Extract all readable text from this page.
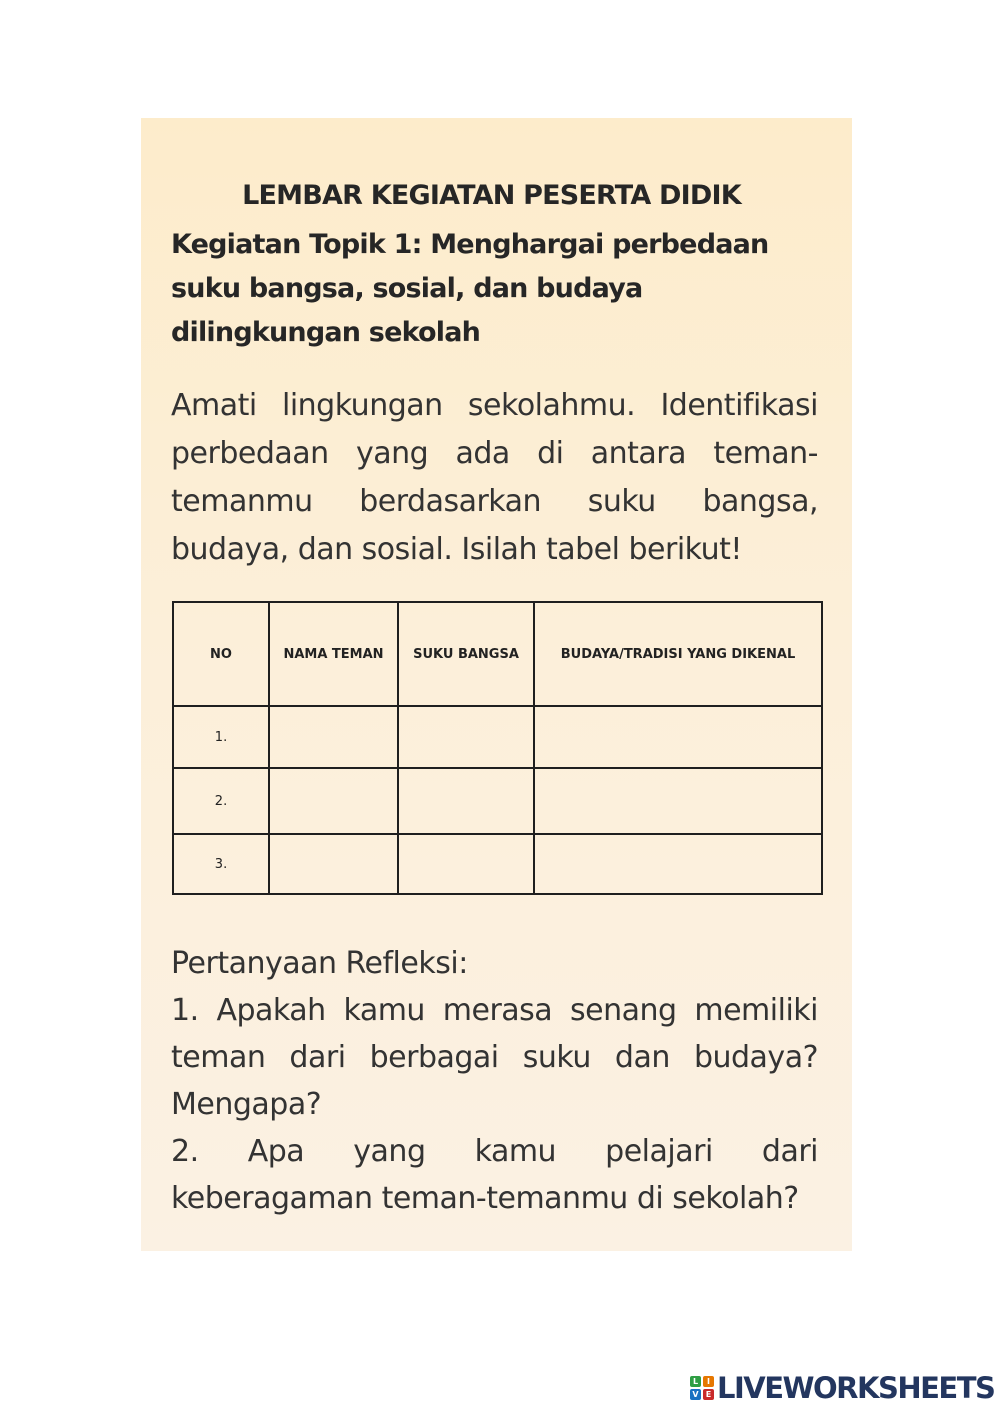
LEMBAR KEGIATAN PESERTA DIDIK
Kegiatan Topik 1: Menghargai perbedaan suku bangsa, sosial, dan budaya dilingkungan sekolah
Amati lingkungan sekolahmu. Identifikasi perbedaan yang ada di antara teman-temanmu berdasarkan suku bangsa, budaya, dan sosial. Isilah tabel berikut!
NO	NAMA TEMAN	SUKU BANGSA	BUDAYA/TRADISI YANG DIKENAL
1.			
2.			
3.			

Pertanyaan Refleksi:

1. Apakah kamu merasa senang memiliki teman dari berbagai suku dan budaya? Mengapa?

2. Apa yang kamu pelajari dari keberagaman teman-temanmu di sekolah?

L	I
V E LIVEWORKSHEETS
